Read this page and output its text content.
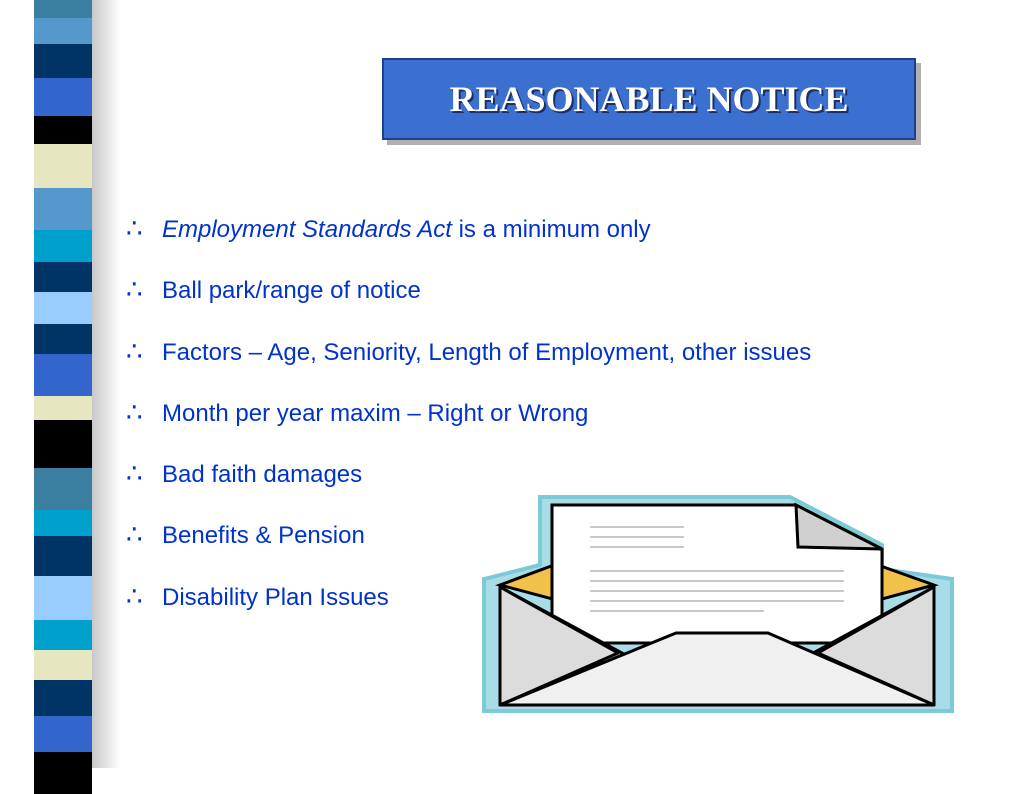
REASONABLE NOTICE
∴ Employment Standards Act is a minimum only
∴ Ball park/range of notice
∴ Factors – Age, Seniority, Length of Employment, other issues
∴ Month per year maxim – Right or Wrong
∴ Bad faith damages
∴ Benefits & Pension
∴ Disability Plan Issues
